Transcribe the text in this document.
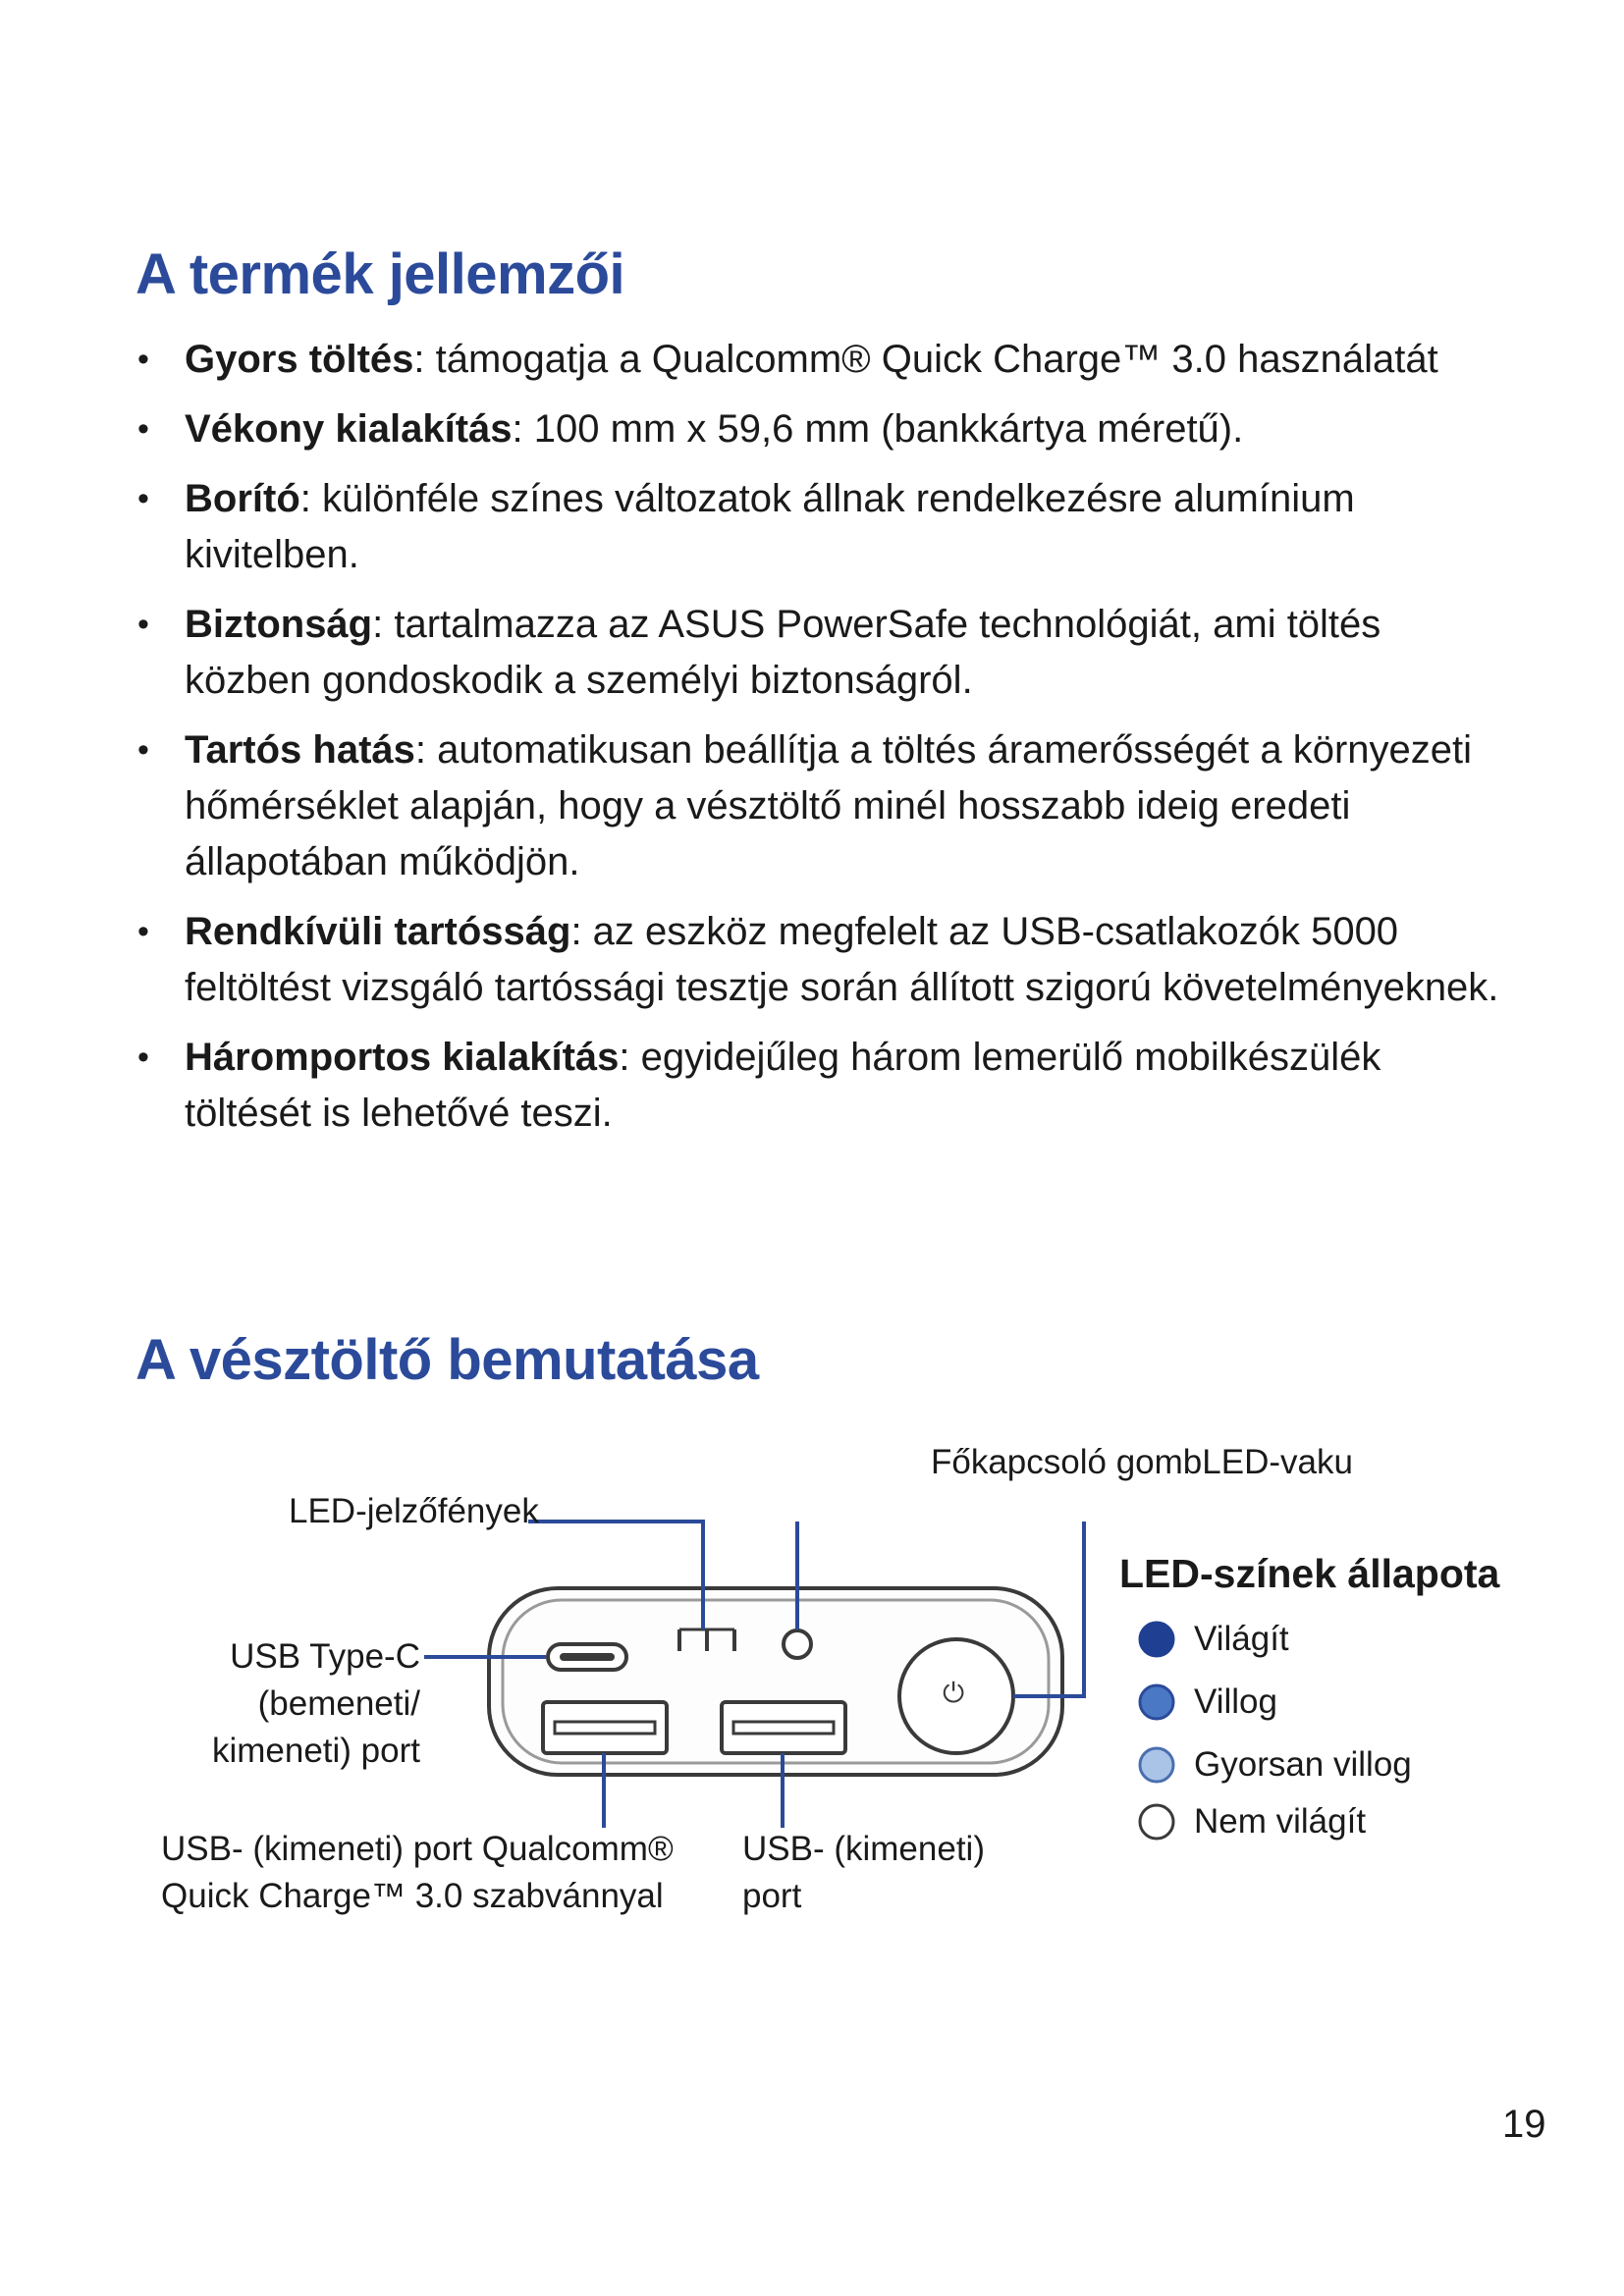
A termék jellemzői
• Gyors töltés: támogatja a Qualcomm® Quick Charge™ 3.0 használatát
• Vékony kialakítás: 100 mm x 59,6 mm (bankkártya méretű).
• Borító: különféle színes változatok állnak rendelkezésre alumínium kivitelben.
• Biztonság: tartalmazza az ASUS PowerSafe technológiát, ami töltés közben gondoskodik a személyi biztonságról.
• Tartós hatás: automatikusan beállítja a töltés áramerősségét a környezeti hőmérséklet alapján, hogy a vésztöltő minél hosszabb ideig eredeti állapotában működjön.
• Rendkívüli tartósság: az eszköz megfelelt az USB-csatlakozók 5000 feltöltést vizsgáló tartóssági tesztje során állított szigorú követelményeknek.
• Háromportos kialakítás: egyidejűleg három lemerülő mobilkészülék töltését is lehetővé teszi.
A vésztöltő bemutatása
⏻
LED-jelzőfények
Főkapcsoló gombLED-vaku
USB Type-C
(bemeneti/
kimeneti) port
USB- (kimeneti) port Qualcomm®
Quick Charge™ 3.0 szabvánnyal
USB- (kimeneti)
port
LED-színek állapota
Világít
Villog
Gyorsan villog
Nem világít
19
